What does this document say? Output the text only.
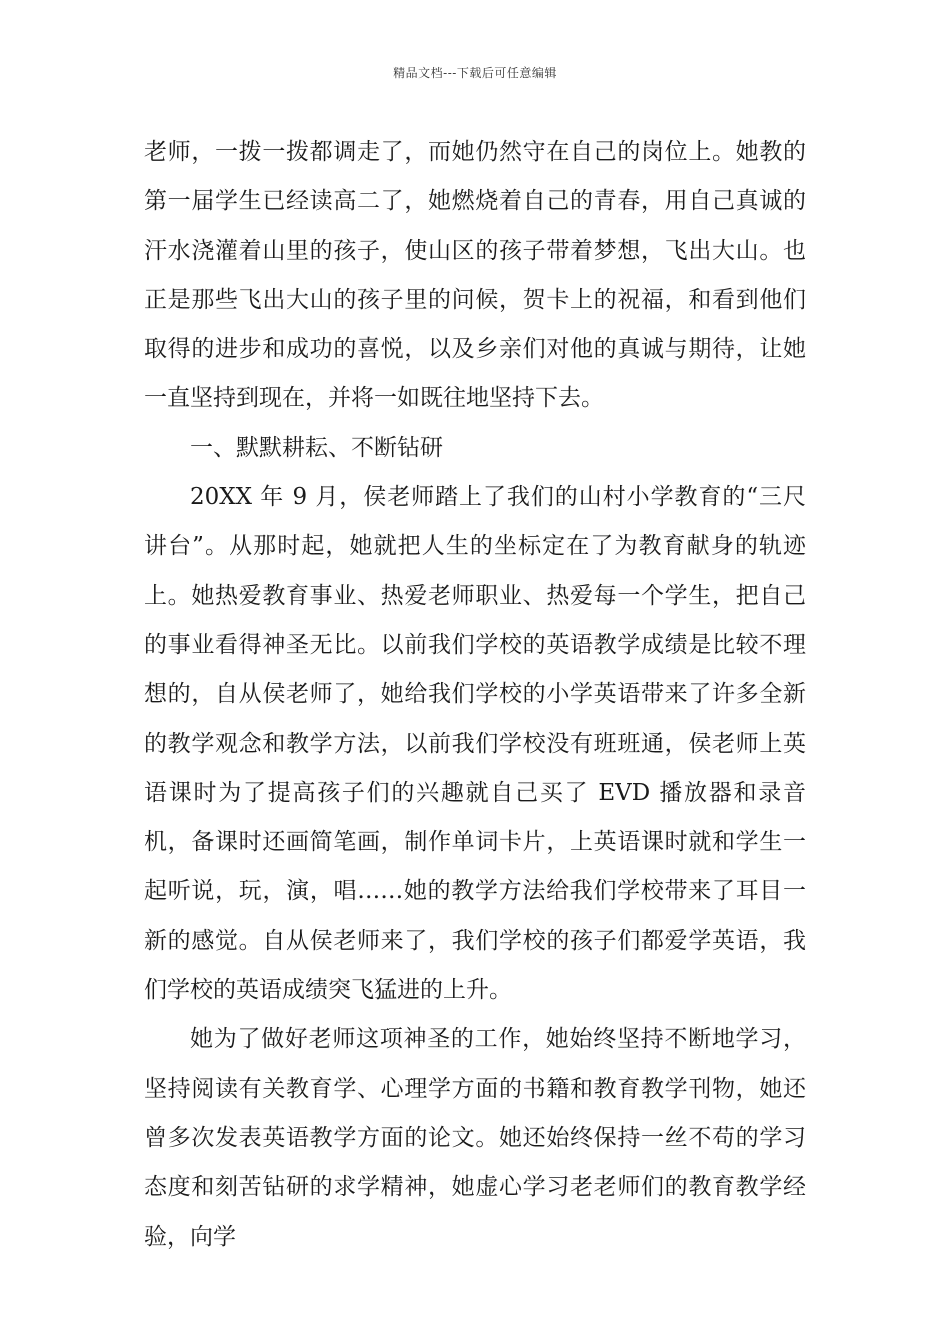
精品文档---下载后可任意编辑

老师，一拨一拨都调走了，而她仍然守在自己的岗位上。她教的第一届学生已经读高二了，她燃烧着自己的青春，用自己真诚的汗水浇灌着山里的孩子，使山区的孩子带着梦想，飞出大山。也正是那些飞出大山的孩子里的问候，贺卡上的祝福，和看到他们取得的进步和成功的喜悦，以及乡亲们对他的真诚与期待，让她一直坚持到现在，并将一如既往地坚持下去。

一、默默耕耘、不断钻研

20XX 年 9 月，侯老师踏上了我们的山村小学教育的“三尺讲台”。从那时起，她就把人生的坐标定在了为教育献身的轨迹上。她热爱教育事业、热爱老师职业、热爱每一个学生，把自己的事业看得神圣无比。以前我们学校的英语教学成绩是比较不理想的，自从侯老师了，她给我们学校的小学英语带来了许多全新的教学观念和教学方法，以前我们学校没有班班通，侯老师上英语课时为了提高孩子们的兴趣就自己买了 EVD 播放器和录音机，备课时还画简笔画，制作单词卡片，上英语课时就和学生一起听说，玩，演，唱……她的教学方法给我们学校带来了耳目一新的感觉。自从侯老师来了，我们学校的孩子们都爱学英语，我们学校的英语成绩突飞猛进的上升。

她为了做好老师这项神圣的工作，她始终坚持不断地学习，坚持阅读有关教育学、心理学方面的书籍和教育教学刊物，她还曾多次发表英语教学方面的论文。她还始终保持一丝不苟的学习态度和刻苦钻研的求学精神，她虚心学习老老师们的教育教学经验，向学
